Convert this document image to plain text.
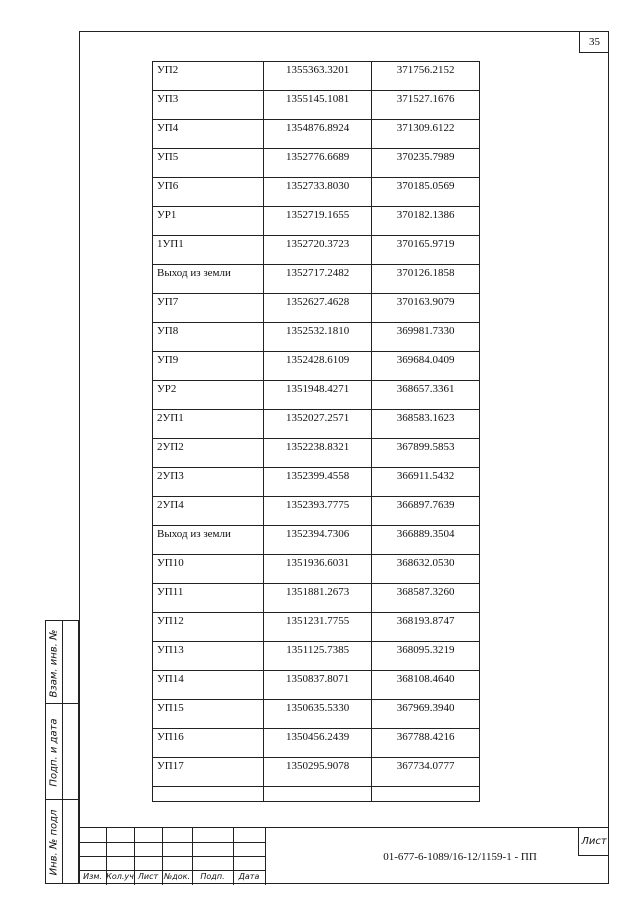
35
Взам. инв. №
Подп. и дата
Инв. № подл
УП2	1355363.3201	371756.2152
УП3	1355145.1081	371527.1676
УП4	1354876.8924	371309.6122
УП5	1352776.6689	370235.7989
УП6	1352733.8030	370185.0569
УР1	1352719.1655	370182.1386
1УП1	1352720.3723	370165.9719
Выход из земли	1352717.2482	370126.1858
УП7	1352627.4628	370163.9079
УП8	1352532.1810	369981.7330
УП9	1352428.6109	369684.0409
УР2	1351948.4271	368657.3361
2УП1	1352027.2571	368583.1623
2УП2	1352238.8321	367899.5853
2УП3	1352399.4558	366911.5432
2УП4	1352393.7775	366897.7639
Выход из земли	1352394.7306	366889.3504
УП10	1351936.6031	368632.0530
УП11	1351881.2673	368587.3260
УП12	1351231.7755	368193.8747
УП13	1351125.7385	368095.3219
УП14	1350837.8071	368108.4640
УП15	1350635.5330	367969.3940
УП16	1350456.2439	367788.4216
УП17	1350295.9078	367734.0777

Изм. Кол.уч Лист №док.	Подп.	Дата
01-677-6-1089/16-12/1159-1 - ПП
Лист
